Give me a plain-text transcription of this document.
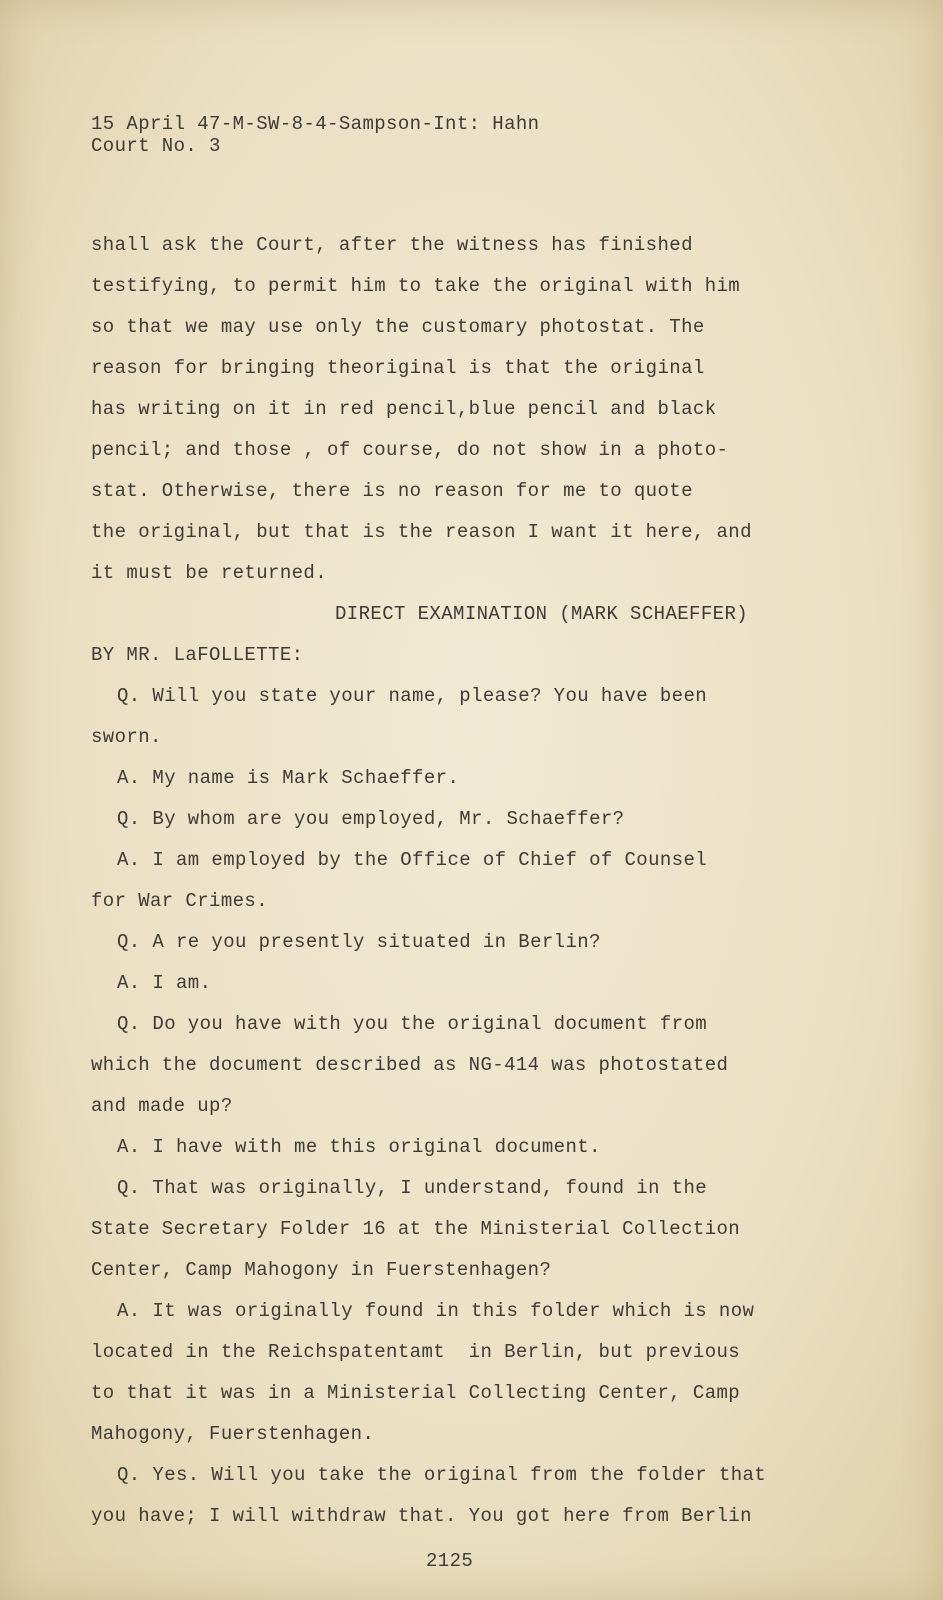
15 April 47-M-SW-8-4-Sampson-Int: Hahn
Court No. 3
shall ask the Court, after the witness has finished
testifying, to permit him to take the original with him
so that we may use only the customary photostat. The
reason for bringing theoriginal is that the original
has writing on it in red pencil,blue pencil and black
pencil; and those , of course, do not show in a photo-
stat. Otherwise, there is no reason for me to quote
the original, but that is the reason I want it here, and
it must be returned.
DIRECT EXAMINATION (MARK SCHAEFFER)
BY MR. LaFOLLETTE:
Q. Will you state your name, please? You have been
sworn.
A. My name is Mark Schaeffer.
Q. By whom are you employed, Mr. Schaeffer?
A. I am employed by the Office of Chief of Counsel
for War Crimes.
Q. A re you presently situated in Berlin?
A. I am.
Q. Do you have with you the original document from
which the document described as NG-414 was photostated
and made up?
A. I have with me this original document.
Q. That was originally, I understand, found in the
State Secretary Folder 16 at the Ministerial Collection
Center, Camp Mahogony in Fuerstenhagen?
A. It was originally found in this folder which is now
located in the Reichspatentamt  in Berlin, but previous
to that it was in a Ministerial Collecting Center, Camp
Mahogony, Fuerstenhagen.
Q. Yes. Will you take the original from the folder that
you have; I will withdraw that. You got here from Berlin
2125
